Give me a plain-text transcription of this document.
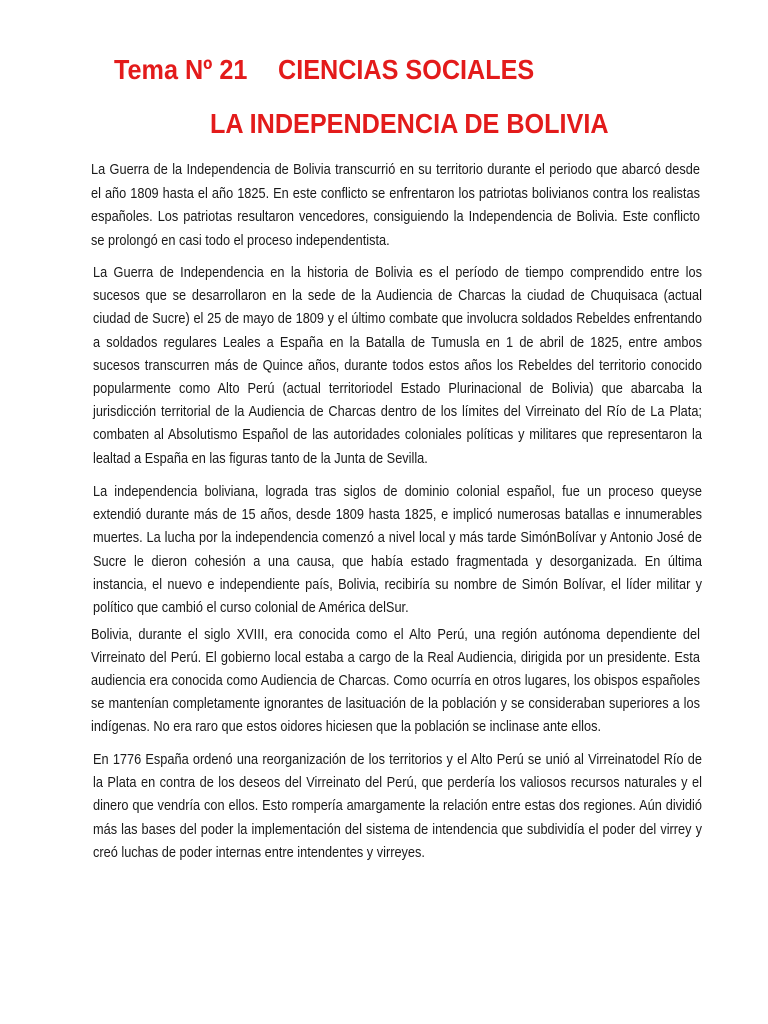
Tema Nº 21 CIENCIAS SOCIALES
LA INDEPENDENCIA DE BOLIVIA

La Guerra de la Independencia de Bolivia transcurrió en su territorio durante el periodo que abarcó desde el año 1809 hasta el año 1825. En este conflicto se enfrentaron los patriotas bolivianos contra los realistas españoles. Los patriotas resultaron vencedores, consiguiendo la Independencia de Bolivia. Este conflicto se prolongó en casi todo el proceso independentista.

La Guerra de Independencia en la historia de Bolivia es el período de tiempo comprendido entre los sucesos que se desarrollaron en la sede de la Audiencia de Charcas la ciudad de Chuquisaca (actual ciudad de Sucre) el 25 de mayo de 1809 y el último combate que involucra soldados Rebeldes enfrentando a soldados regulares Leales a España en la Batalla de Tumusla en 1 de abril de 1825, entre ambos sucesos transcurren más de Quince años, durante todos estos años los Rebeldes del territorio conocido popularmente como Alto Perú (actual territoriodel Estado Plurinacional de Bolivia) que abarcaba la jurisdicción territorial de la Audiencia de Charcas dentro de los límites del Virreinato del Río de La Plata; combaten al Absolutismo Español de las autoridades coloniales políticas y militares que representaron la lealtad a España en las figuras tanto de la Junta de Sevilla.

La independencia boliviana, lograda tras siglos de dominio colonial español, fue un proceso queyse extendió durante más de 15 años, desde 1809 hasta 1825, e implicó numerosas batallas e innumerables muertes. La lucha por la independencia comenzó a nivel local y más tarde SimónBolívar y Antonio José de Sucre le dieron cohesión a una causa, que había estado fragmentada y desorganizada. En última instancia, el nuevo e independiente país, Bolivia, recibiría su nombre de Simón Bolívar, el líder militar y político que cambió el curso colonial de América delSur.

Bolivia, durante el siglo XVIII, era conocida como el Alto Perú, una región autónoma dependiente del Virreinato del Perú. El gobierno local estaba a cargo de la Real Audiencia, dirigida por un presidente. Esta audiencia era conocida como Audiencia de Charcas. Como ocurría en otros lugares, los obispos españoles se mantenían completamente ignorantes de lasituación de la población y se consideraban superiores a los indígenas. No era raro que estos oidores hiciesen que la población se inclinase ante ellos.

En 1776 España ordenó una reorganización de los territorios y el Alto Perú se unió al Virreinatodel Río de la Plata en contra de los deseos del Virreinato del Perú, que perdería los valiosos recursos naturales y el dinero que vendría con ellos. Esto rompería amargamente la relación entre estas dos regiones. Aún dividió más las bases del poder la implementación del sistema de intendencia que subdividía el poder del virrey y creó luchas de poder internas entre intendentes y virreyes.
